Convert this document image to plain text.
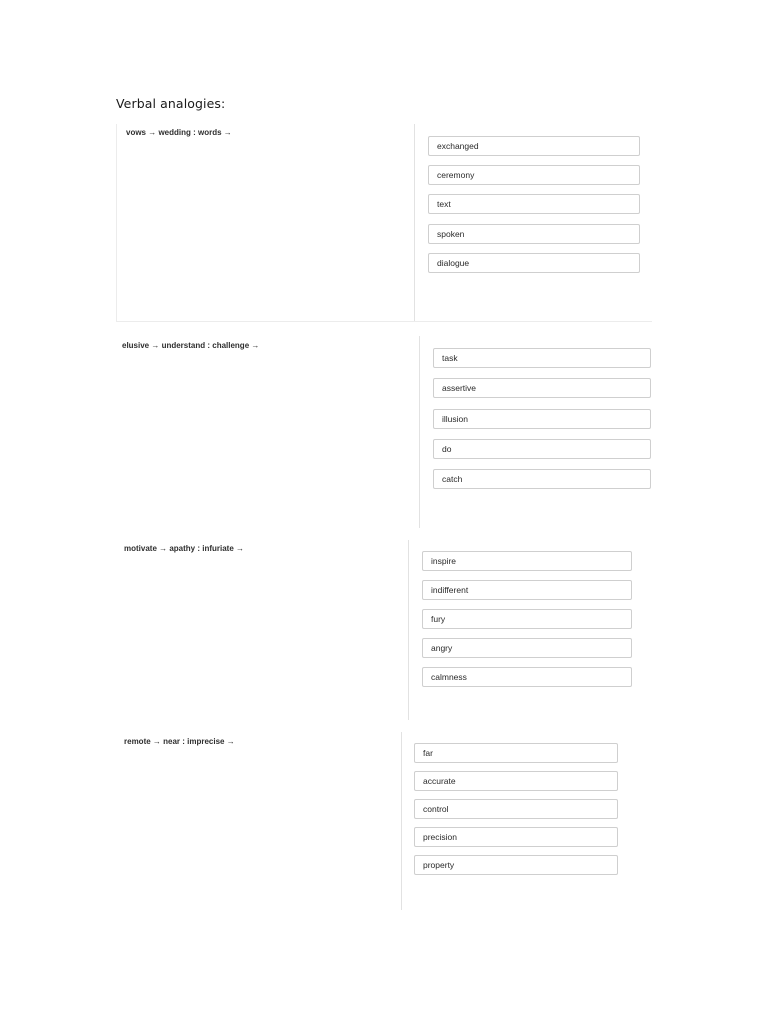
Verbal analogies:
vows → wedding : words →
exchanged
ceremony
text
spoken
dialogue
elusive → understand : challenge →
task
assertive
illusion
do
catch
motivate → apathy : infuriate →
inspire
indifferent
fury
angry
calmness
remote → near : imprecise →
far
accurate
control
precision
property
